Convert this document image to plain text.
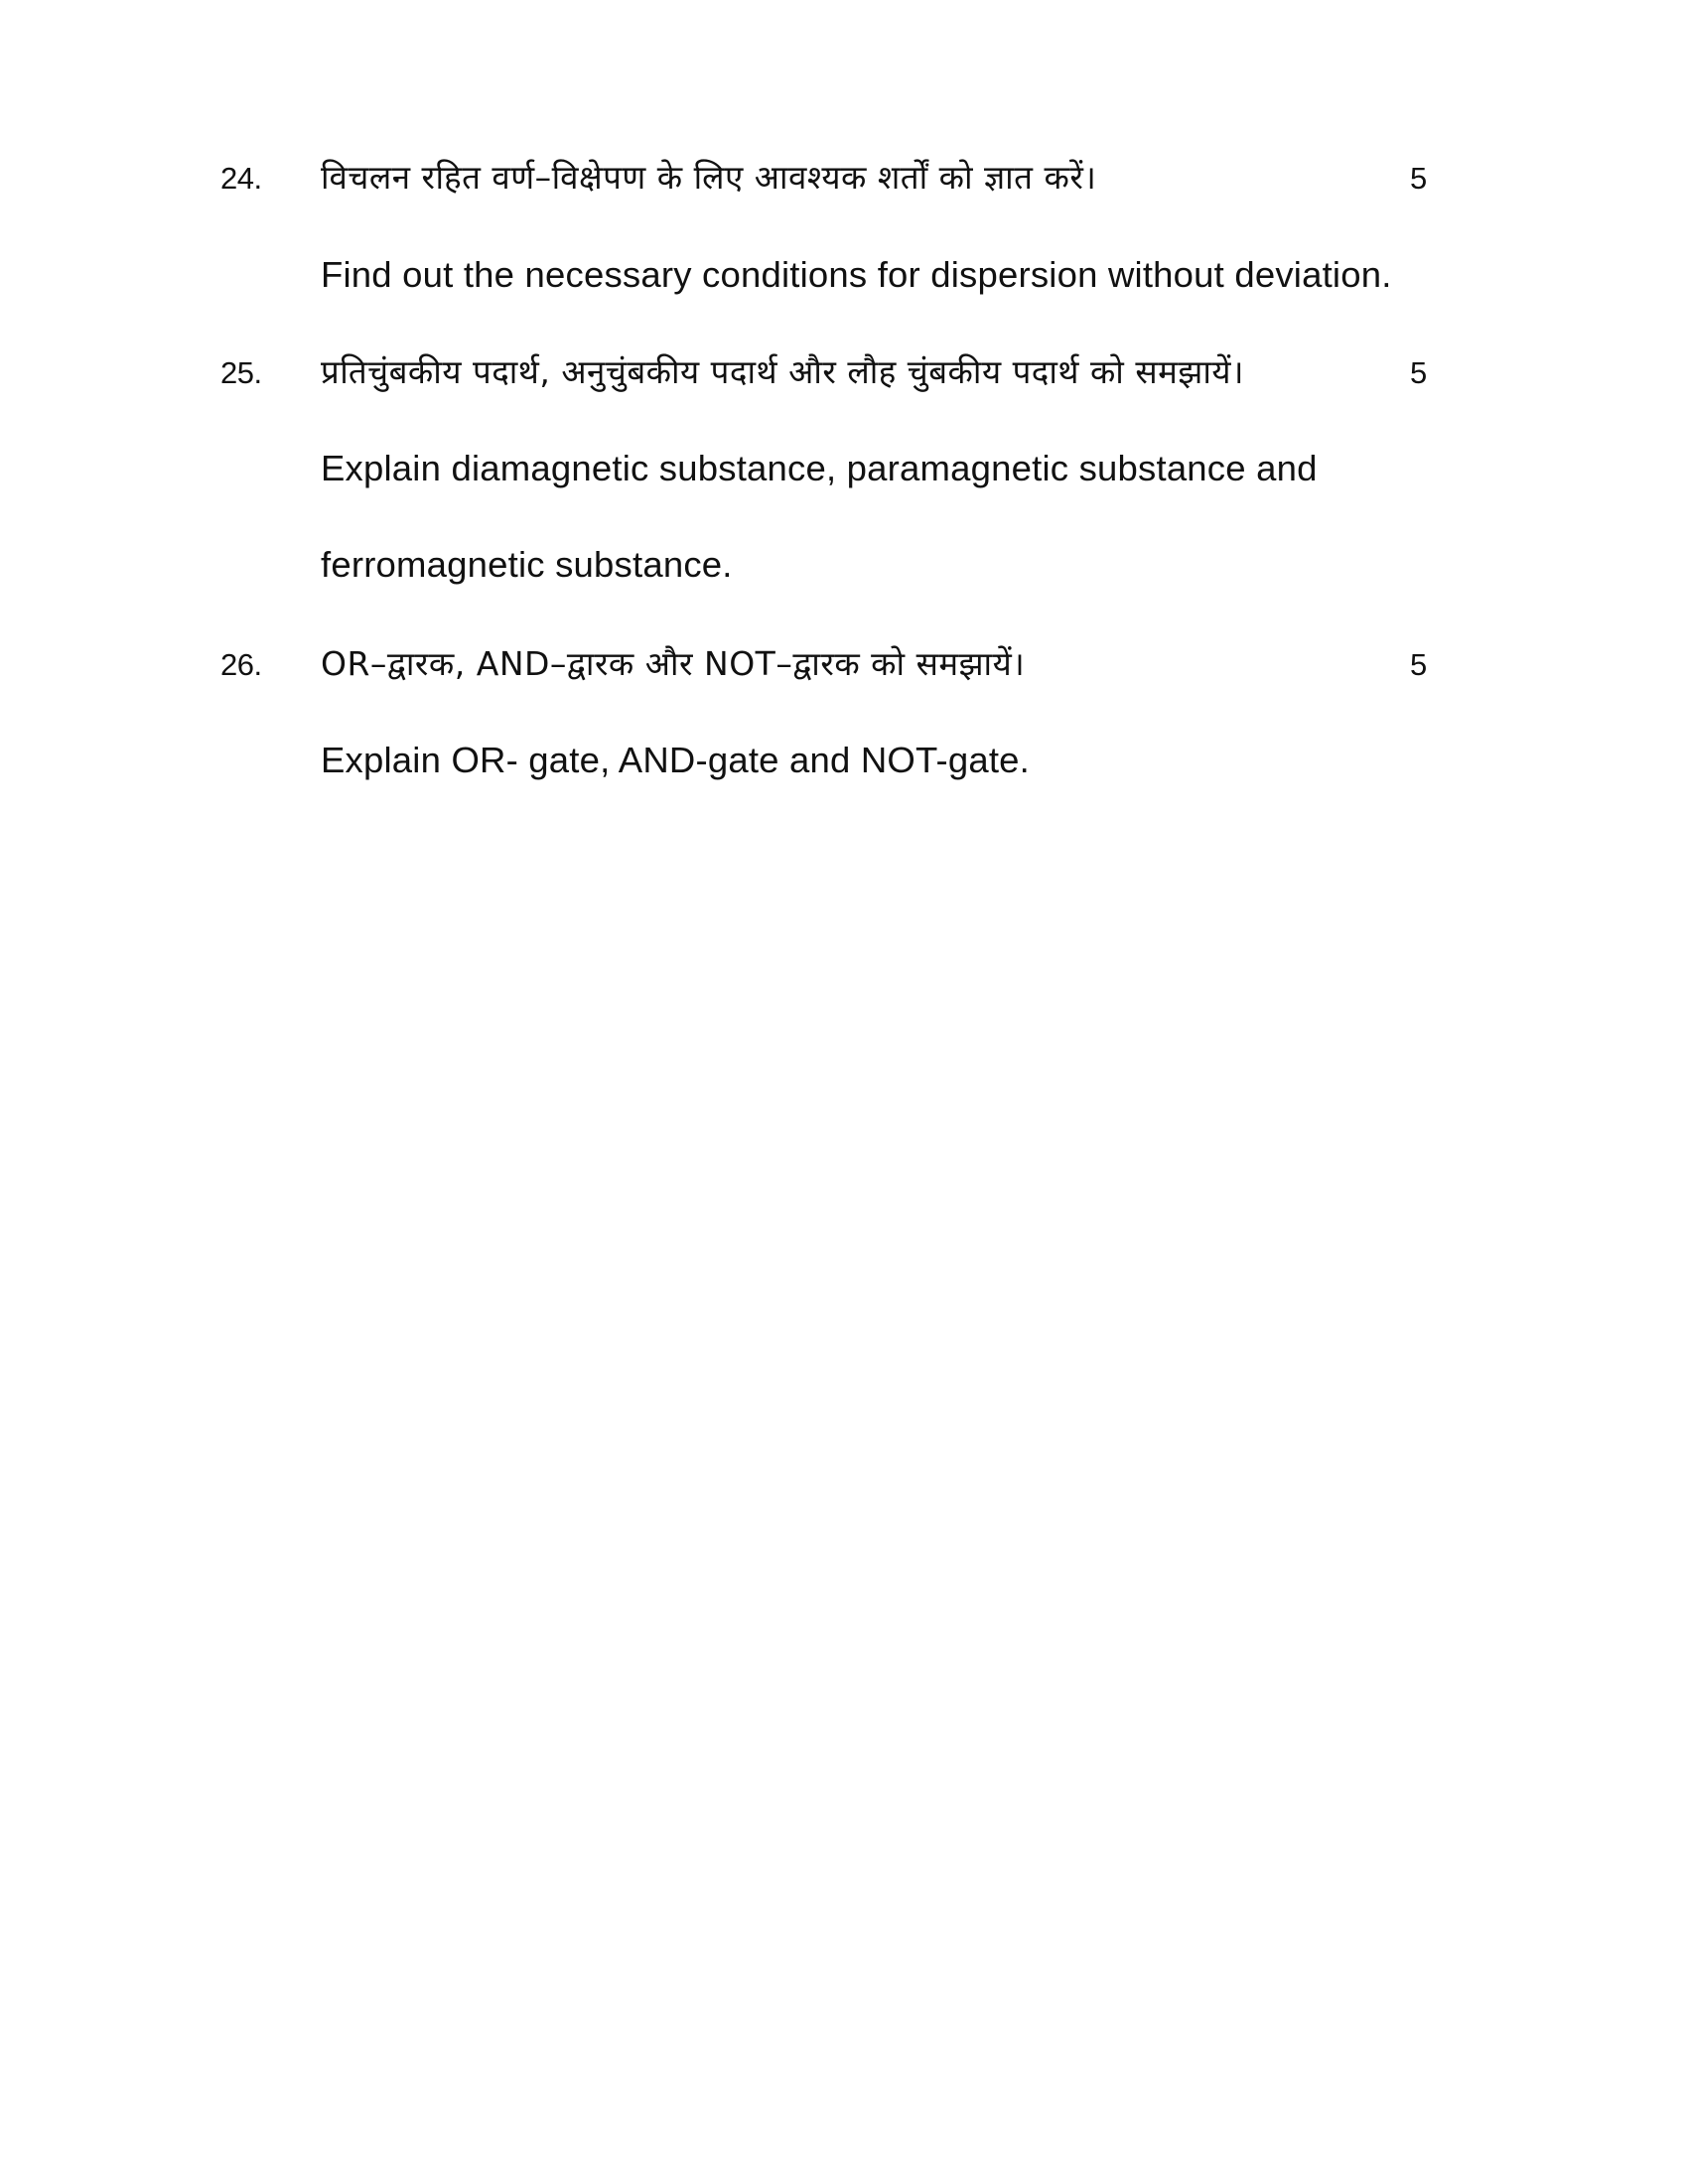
24. विचलन रहित वर्ण–विक्षेपण के लिए आवश्यक शर्तों को ज्ञात करें।	5
Find out the necessary conditions for dispersion without deviation.
25. प्रतिचुंबकीय पदार्थ, अनुचुंबकीय पदार्थ और लौह चुंबकीय पदार्थ को समझायें।	5
Explain diamagnetic substance, paramagnetic substance and
ferromagnetic substance.
26. OR–द्वारक, AND–द्वारक और NOT–द्वारक को समझायें।	5
Explain OR- gate, AND-gate and NOT-gate.
